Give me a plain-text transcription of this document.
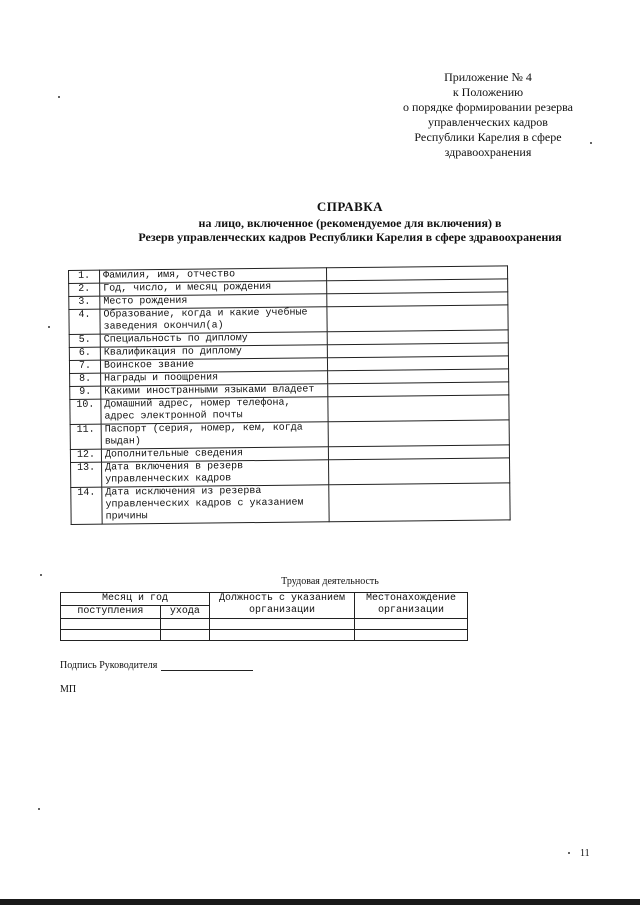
Приложение № 4
к Положению
о порядке формировании резерва
управленческих кадров
Республики Карелия в сфере
здравоохранения
СПРАВКА
на лицо, включенное (рекомендуемое для включения) в
Резерв управленческих кадров Республики Карелия в сфере здравоохранения
1.	Фамилия, имя, отчество	
2.	Год, число, и месяц рождения	
3.	Место рождения	
4.	Образование, когда и какие учебные
заведения окончил(а)	
5.	Специальность по диплому	
6.	Квалификация по диплому	
7.	Воинское звание	
8.	Награды и поощрения	
9.	Какими иностранными языками владеет	
10.	Домашний адрес, номер телефона, адрес электронной почты	
11.	Паспорт (серия, номер, кем, когда выдан)	
12.	Дополнительные сведения	
13.	Дата включения в резерв управленческих кадров	
14.	Дата исключения из резерва управленческих кадров с указанием причины	
Трудовая деятельность
Месяц и год		Должность с указанием организации	Местонахождение организации
поступления	ухода		

Подпись Руководителя
МП
11
